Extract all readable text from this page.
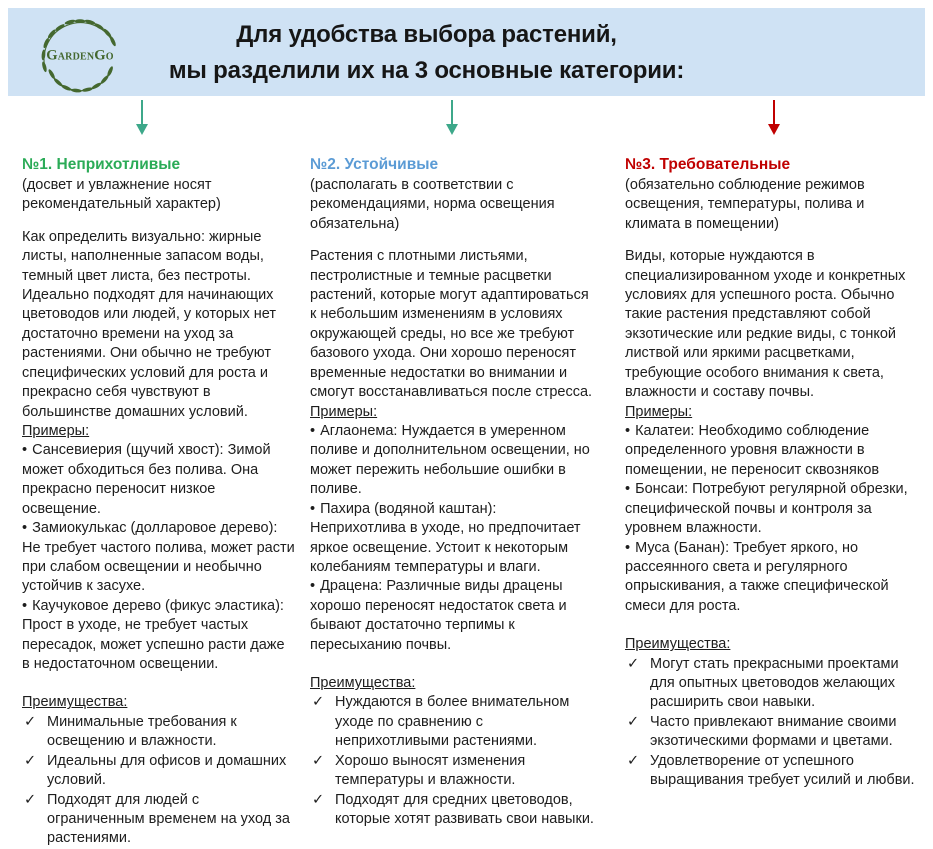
GardenGo
Для удобства выбора растений,
мы разделили их на 3 основные категории:

№1. Неприхотливые

(досвет и увлажнение носят рекомендательный характер)

Как определить визуально: жирные листы, наполненные запасом воды, темный цвет листа, без пестроты. Идеально подходят для начинающих цветоводов или людей, у которых нет достаточно времени на уход за растениями. Они обычно не требуют специфических условий для роста и прекрасно себя чувствуют в большинстве домашних условий.

Примеры:

• Сансевиерия (щучий хвост): Зимой может обходиться без полива. Она прекрасно переносит низкое освещение.

• Замиокулькас (долларовое дерево): Не требует частого полива, может расти при слабом освещении и необычно устойчив к засухе.

• Каучуковое дерево (фикус эластика): Прост в уходе, не требует частых пересадок, может успешно расти даже в недостаточном освещении.

Преимущества:

✓ Минимальные требования к освещению и влажности.

✓ Идеальны для офисов и домашних условий.

✓ Подходят для людей с ограниченным временем на уход за растениями.

№2. Устойчивые

(располагать в соответствии с рекомендациями, норма освещения обязательна)

Растения с плотными листьями, пестролистные и темные расцветки растений, которые могут адаптироваться к небольшим изменениям в условиях окружающей среды, но все же требуют базового ухода. Они хорошо переносят временные недостатки во внимании и смогут восстанавливаться после стресса.

Примеры:

• Аглаонема: Нуждается в умеренном поливе и дополнительном освещении, но может пережить небольшие ошибки в поливе.

• Пахира (водяной каштан): Неприхотлива в уходе, но предпочитает яркое освещение. Устоит к некоторым колебаниям температуры и влаги.

• Драцена: Различные виды драцены хорошо переносят недостаток света и бывают достаточно терпимы к пересыханию почвы.

Преимущества:

✓ Нуждаются в более внимательном уходе по сравнению с неприхотливыми растениями.

✓ Хорошо выносят изменения температуры и влажности.

✓ Подходят для средних цветоводов, которые хотят развивать свои навыки.

№3. Требовательные

(обязательно соблюдение режимов освещения, температуры, полива и климата в помещении)

Виды, которые нуждаются в специализированном уходе и конкретных условиях для успешного роста. Обычно такие растения представляют собой экзотические или редкие виды, с тонкой листвой или яркими расцветками, требующие особого внимания к света, влажности и составу почвы.

Примеры:

• Калатеи: Необходимо соблюдение определенного уровня влажности в помещении, не переносит сквозняков

• Бонсаи: Потребуют регулярной обрезки, специфической почвы и контроля за уровнем влажности.

• Муса (Банан): Требует яркого, но рассеянного света и регулярного опрыскивания, а также специфической смеси для роста.

Преимущества:

✓ Могут стать прекрасными проектами для опытных цветоводов желающих расширить свои навыки.

✓ Часто привлекают внимание своими экзотическими формами и цветами.

✓ Удовлетворение от успешного выращивания требует усилий и любви.
